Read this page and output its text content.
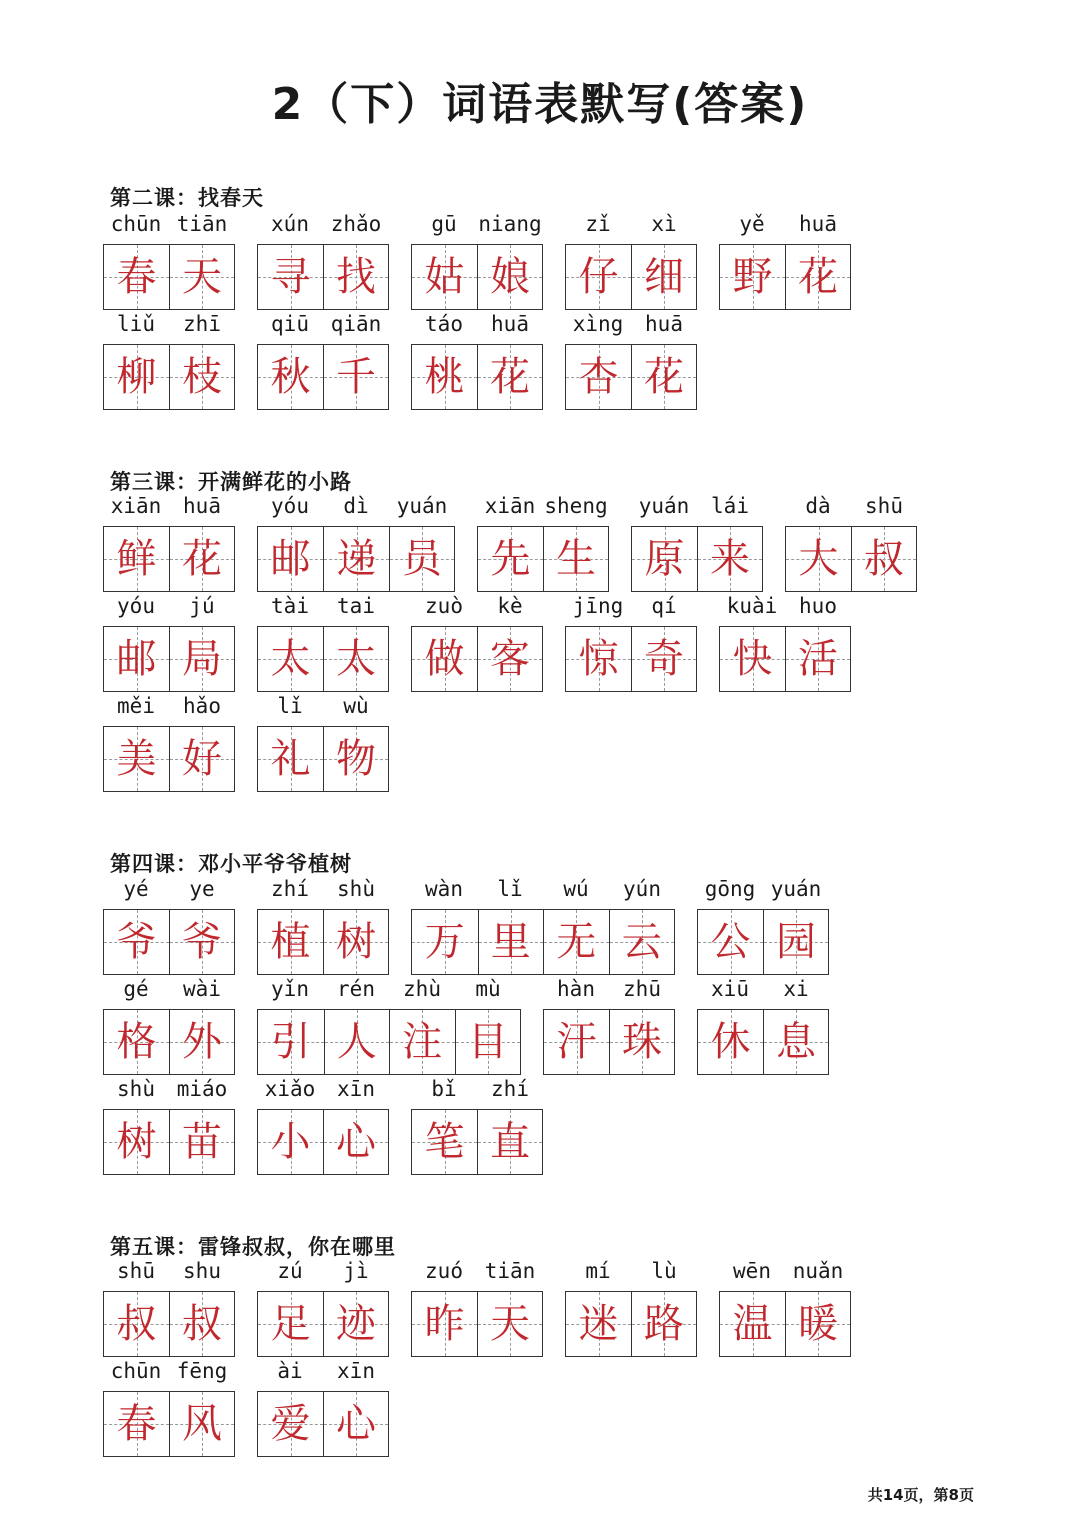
2（下）词语表默写(答案)
第二课：找春天
chūn tiān
春 天
xún	zhǎo
寻 找
gū	niang
姑 娘
zǐ	xì
仔 细
yě	huā
野 花
liǔ	zhī
柳 枝
qiū	qiān
秋 千
táo	huā
桃 花
xìng	huā
杏 花
第三课：开满鲜花的小路
xiān	huā
鲜 花
yóu	dì	yuán
邮 递 员
xiān sheng
先 生
yuán	lái
原 来
dà	shū
大 叔
yóu	jú
邮 局
tài	tai
太 太
zuò	kè
做 客
jīng	qí
惊 奇
kuài	huo
快 活
měi	hǎo
美 好
lǐ	wù
礼 物
第四课：邓小平爷爷植树
yé	ye
爷 爷
zhí	shù
植 树
wàn	lǐ	wú	yún
万 里 无 云
gōng yuán
公 园
gé	wài
格 外
yǐn	rén	zhù	mù
引 人 注 目
hàn	zhū
汗 珠
xiū	xi
休 息
shù	miáo
树 苗
xiǎo	xīn
小 心
bǐ	zhí
笔 直
第五课：雷锋叔叔，你在哪里
shū	shu
叔 叔
zú	jì
足 迹
zuó	tiān
昨 天
mí	lù
迷 路
wēn	nuǎn
温 暖
chūn fēng
春 风
ài	xīn
爱 心
共14页，第8页
